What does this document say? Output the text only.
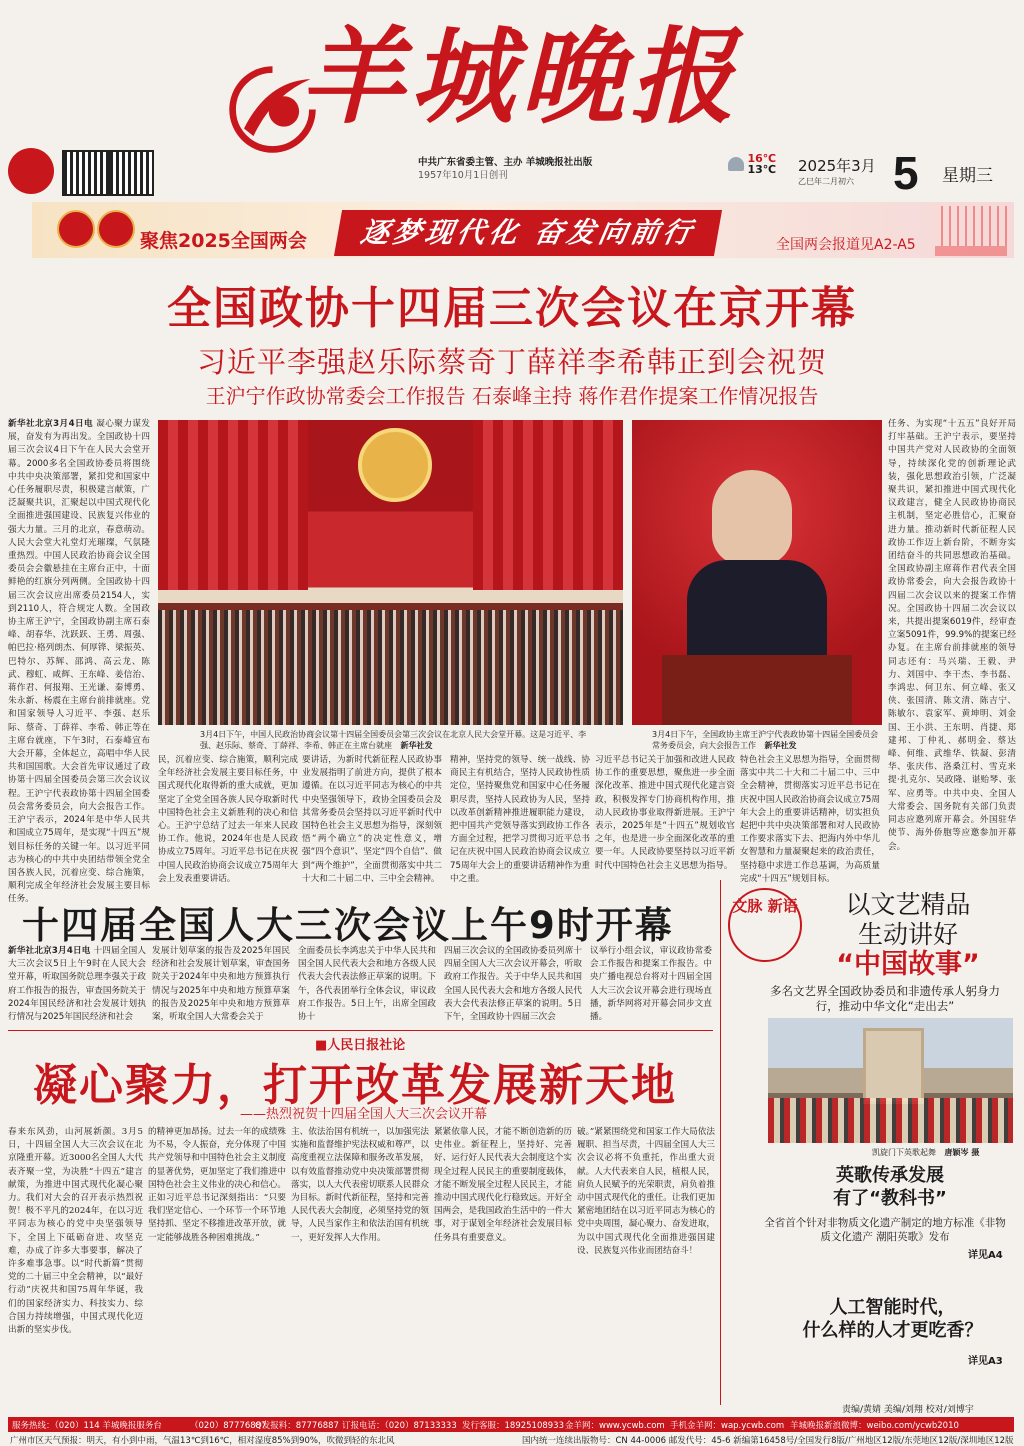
羊城晚报
中共广东省委主管、主办 羊城晚报社出版
1957年10月1日创刊

16℃
13℃ 2025年3月
乙巳年二月初六 5 星期三
聚焦2025全国两会	逐梦现代化 奋发向前行	全国两会报道见A2-A5
全国政协十四届三次会议在京开幕
习近平李强赵乐际蔡奇丁薛祥李希韩正到会祝贺
王沪宁作政协常委会工作报告 石泰峰主持 蒋作君作提案工作情况报告
新华社北京3月4日电 凝心聚力谋发展，奋发有为再出发。全国政协十四届三次会议4日下午在人民大会堂开幕。2000多名全国政协委员将围绕中共中央决策部署，紧扣党和国家中心任务履职尽责，积极建言献策，广泛凝聚共识，汇聚起以中国式现代化全面推进强国建设、民族复兴伟业的强大力量。三月的北京，春意萌动。人民大会堂大礼堂灯光璀璨，气氛隆重热烈。中国人民政治协商会议全国委员会会徽悬挂在主席台正中，十面鲜艳的红旗分列两侧。全国政协十四届三次会议应出席委员2154人，实到2110人，符合规定人数。全国政协主席王沪宁，全国政协副主席石泰峰、胡春华、沈跃跃、王勇、周强、帕巴拉·格列朗杰、何厚铧、梁振英、巴特尔、苏辉、邵鸿、高云龙、陈武、穆虹、咸辉、王东峰、姜信治、蒋作君、何报翔、王光谦、秦博勇、朱永新、杨震在主席台前排就座。党和国家领导人习近平、李强、赵乐际、蔡奇、丁薛祥、李希、韩正等在主席台就座，下午3时，石泰峰宣布大会开幕，全体起立，高唱中华人民共和国国歌。大会首先审议通过了政协第十四届全国委员会第三次会议议程。王沪宁代表政协第十四届全国委员会常务委员会，向大会报告工作。王沪宁表示，2024年是中华人民共和国成立75周年，是实现“十四五”规划目标任务的关键一年。以习近平同志为核心的中共中央团结带领全党全国各族人民，沉着应变、综合施策，顺利完成全年经济社会发展主要目标任务。
3月4日下午，中国人民政治协商会议第十四届全国委员会第三次会议在北京人民大会堂开幕。这是习近平、李强、赵乐际、蔡奇、丁薛祥、李希、韩正在主席台就座 新华社发
3月4日下午，全国政协主席王沪宁代表政协第十四届全国委员会常务委员会，向大会报告工作 新华社发
民，沉着应变、综合施策，顺利完成全年经济社会发展主要目标任务，中国式现代化取得新的重大成就，更加坚定了全党全国各族人民夺取新时代中国特色社会主义新胜利的决心和信心。王沪宁总结了过去一年来人民政协工作。他说，2024年也是人民政协成立75周年。习近平总书记在庆祝中国人民政治协商会议成立75周年大会上发表重要讲话。
要讲话，为新时代新征程人民政协事业发展指明了前进方向，提供了根本遵循。在以习近平同志为核心的中共中央坚强领导下，政协全国委员会及其常务委员会坚持以习近平新时代中国特色社会主义思想为指导，深刻领悟“两个确立”的决定性意义，增强“四个意识”、坚定“四个自信”、做到“两个维护”，全面贯彻落实中共二十大和二十届二中、三中全会精神。
精神，坚持党的领导、统一战线、协商民主有机结合，坚持人民政协性质定位，坚持聚焦党和国家中心任务履职尽责，坚持人民政协为人民，坚持以改革创新精神推进履职能力建设，把中国共产党领导落实到政协工作各方面全过程，把学习贯彻习近平总书记在庆祝中国人民政治协商会议成立75周年大会上的重要讲话精神作为重中之重。
习近平总书记关于加强和改进人民政协工作的重要思想，聚焦进一步全面深化改革、推进中国式现代化建言资政，积极发挥专门协商机构作用，推动人民政协事业取得新进展。王沪宁表示，2025年是“十四五”规划收官之年，也是进一步全面深化改革的重要一年。人民政协要坚持以习近平新时代中国特色社会主义思想为指导。
特色社会主义思想为指导，全面贯彻落实中共二十大和二十届二中、三中全会精神，贯彻落实习近平总书记在庆祝中国人民政治协商会议成立75周年大会上的重要讲话精神，切实担负起把中共中央决策部署和对人民政协工作要求落实下去、把海内外中华儿女智慧和力量凝聚起来的政治责任，坚持稳中求进工作总基调，为高质量完成“十四五”规划目标。
任务、为实现“十五五”良好开局打牢基础。王沪宁表示，要坚持中国共产党对人民政协的全面领导，持续深化党的创新理论武装，强化思想政治引领，广泛凝聚共识，紧扣推进中国式现代化议政建言，健全人民政协协商民主机制，坚定必胜信心，汇聚奋进力量。推动新时代新征程人民政协工作迈上新台阶，不断夯实团结奋斗的共同思想政治基础。全国政协副主席蒋作君代表全国政协常委会，向大会报告政协十四届二次会议以来的提案工作情况。全国政协十四届二次会议以来，共提出提案6019件，经审查立案5091件，99.9%的提案已经办复。在主席台前排就座的领导同志还有：马兴瑞、王毅、尹力、刘国中、李干杰、李书磊、李鸿忠、何卫东、何立峰、张又侠、张国清、陈文清、陈吉宁、陈敏尔、袁家军、黄坤明、刘金国、王小洪、王东明、肖捷、郑建邦、丁仲礼、郝明金、蔡达峰、何维、武维华、铁凝、彭清华、张庆伟、洛桑江村、雪克来提·扎克尔、吴政隆、谌贻琴、张军、应勇等。中共中央、全国人大常委会、国务院有关部门负责同志应邀列席开幕会。外国驻华使节、海外侨胞等应邀参加开幕会。
十四届全国人大三次会议上午9时开幕
新华社北京3月4日电 十四届全国人大三次会议5日上午9时在人民大会堂开幕，听取国务院总理李强关于政府工作报告的报告，审查国务院关于2024年国民经济和社会发展计划执行情况与2025年国民经济和社会
发展计划草案的报告及2025年国民经济和社会发展计划草案，审查国务院关于2024年中央和地方预算执行情况与2025年中央和地方预算草案的报告及2025年中央和地方预算草案，听取全国人大常委会关于
全面委员长李鸿忠关于中华人民共和国全国人民代表大会和地方各级人民代表大会代表法修正草案的说明。下午，各代表团举行全体会议，审议政府工作报告。5日上午，出席全国政协十
四届三次会议的全国政协委员列席十四届全国人大三次会议开幕会，听取政府工作报告。关于中华人民共和国全国人民代表大会和地方各级人民代表大会代表法修正草案的说明。5日下午，全国政协十四届三次会
议举行小组会议，审议政协常委会工作报告和提案工作报告。中央广播电视总台将对十四届全国人大三次会议开幕会进行现场直播，新华网将对开幕会同步文直播。
文脉 新语	以文艺精品
生动讲好
“中国故事”
多名文艺界全国政协委员和非遗传承人躬身力行，推动中华文化“走出去”
凯旋门下英歌起舞 唐颖岑 摄
英歌传承发展
有了“教科书”
全省首个针对非物质文化遗产制定的地方标准《非物质文化遗产 潮阳英歌》发布
详见A4
人工智能时代，
什么样的人才更吃香？
详见A3
■人民日报社论
凝心聚力，打开改革发展新天地
——热烈祝贺十四届全国人大三次会议开幕
春来东风劲，山河展新颜。3月5日，十四届全国人大三次会议在北京隆重开幕。近3000名全国人大代表齐聚一堂，为决胜“十四五”建言献策，为推进中国式现代化凝心聚力。我们对大会的召开表示热烈祝贺！极不平凡的2024年，在以习近平同志为核心的党中央坚强领导下，全国上下砥砺奋进、攻坚克难，办成了许多大事要事，解决了许多难事急事。以“时代新篇”贯彻党的二十届三中全会精神，以“最好行动”庆祝共和国75周年华诞，我们的国家经济实力、科技实力、综合国力持续增强，中国式现代化迈出新的坚实步伐。
的精神更加昂扬。过去一年的成绩殊为不易，令人振奋，充分体现了中国共产党领导和中国特色社会主义制度的显著优势，更加坚定了我们推进中国特色社会主义伟业的决心和信心。正如习近平总书记深刻指出：“只要我们坚定信心、一个环节一个环节地坚持抓、坚定不移推进改革开放，就一定能够战胜各种困难挑战。”
主、依法治国有机统一，以加强宪法实施和监督维护宪法权威和尊严，以高度重视立法保障和服务改革发展，以有效监督推动党中央决策部署贯彻落实，以人大代表密切联系人民群众为目标。新时代新征程，坚持和完善人民代表大会制度，必须坚持党的领导，人民当家作主和依法治国有机统一，更好发挥人大作用。
紧紧依靠人民，才能不断创造新的历史伟业。新征程上，坚持好、完善好、运行好人民代表大会制度这个实现全过程人民民主的重要制度载体，才能不断发展全过程人民民主，才能推动中国式现代化行稳致远。开好全国两会，是我国政治生活中的一件大事，对于谋划全年经济社会发展目标任务具有重要意义。
破。”紧紧围绕党和国家工作大局依法履职、担当尽责，十四届全国人大三次会议必将不负重托，作出重大贡献。人大代表来自人民，植根人民，肩负人民赋予的光荣职责，肩负着推动中国式现代化的重任。让我们更加紧密地团结在以习近平同志为核心的党中央周围，凝心聚力、奋发进取，为以中国式现代化全面推进强国建设、民族复兴伟业而团结奋斗！
责编/黄婧 美编/刘翔 校对/刘博宇
服务热线：（020）114 羊城晚报服务台	（020）87776887
Q发报料：87776887 订报电话：（020）87133333 发行客服：18925108933 金羊网：www.ycwb.com 手机金羊网：wap.ycwb.com 羊城晚报新浪微博：weibo.com/ycwb2010
广州市区天气预报：明天，有小到中雨，气温13℃到16℃，相对湿度85%到90%，吹微到轻的东北风	国内统一连续出版物号：CN 44-0006 邮发代号：45-6 新编第16458号/全国发行8版/广州地区12版/东莞地区12版/深圳地区12版
